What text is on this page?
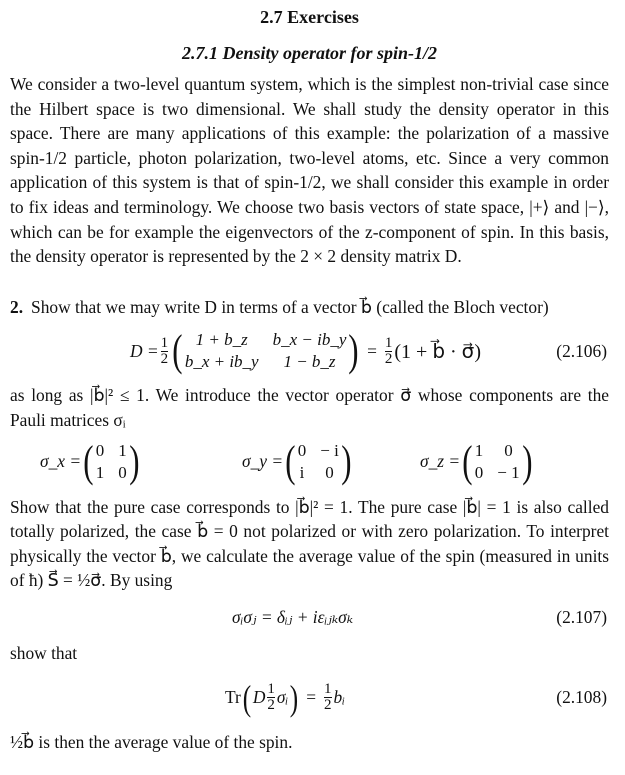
2.7 Exercises
2.7.1 Density operator for spin-1/2

We consider a two-level quantum system, which is the simplest non-trivial case since the Hilbert space is two dimensional. We shall study the density operator in this space. There are many applications of this example: the polarization of a massive spin-1/2 particle, photon polarization, two-level atoms, etc. Since a very common application of this system is that of spin-1/2, we shall consider this example in order to fix ideas and terminology. We choose two basis vectors of state space, |+⟩ and |−⟩, which can be for example the eigenvectors of the z-component of spin. In this basis, the density operator is represented by the 2 × 2 density matrix D.

2. Show that we may write D in terms of a vector b⃗ (called the Bloch vector)

$D = \frac{1}{2}$ ( 1 + b_z	b_x − ib_y
b_x + ib_y	1 − b_z ) = $\frac{1}{2} (1$ + b⃗ · σ⃗)	(2.106)

as long as |b⃗|² ≤ 1. We introduce the vector operator σ⃗ whose components are the Pauli matrices σᵢ

σ_x = ( 0 1
1 0 )	σ_y = ( 0 − i
i 0 )	σ_z = ( 1	0
0 − 1 )

Show that the pure case corresponds to |b⃗|² = 1. The pure case |b⃗| = 1 is also called totally polarized, the case b⃗ = 0 not polarized or with zero polarization. To interpret physically the vector b⃗, we calculate the average value of the spin (measured in units of ħ) S⃗ = ½σ⃗. By using

σᵢσⱼ = δᵢⱼ + iεᵢⱼₖσₖ	(2.107)

show that

Tr ( D $\frac{1}{2}$ σᵢ ) = $\frac{1}{2}$ bᵢ	(2.108)

½b⃗ is then the average value of the spin.
